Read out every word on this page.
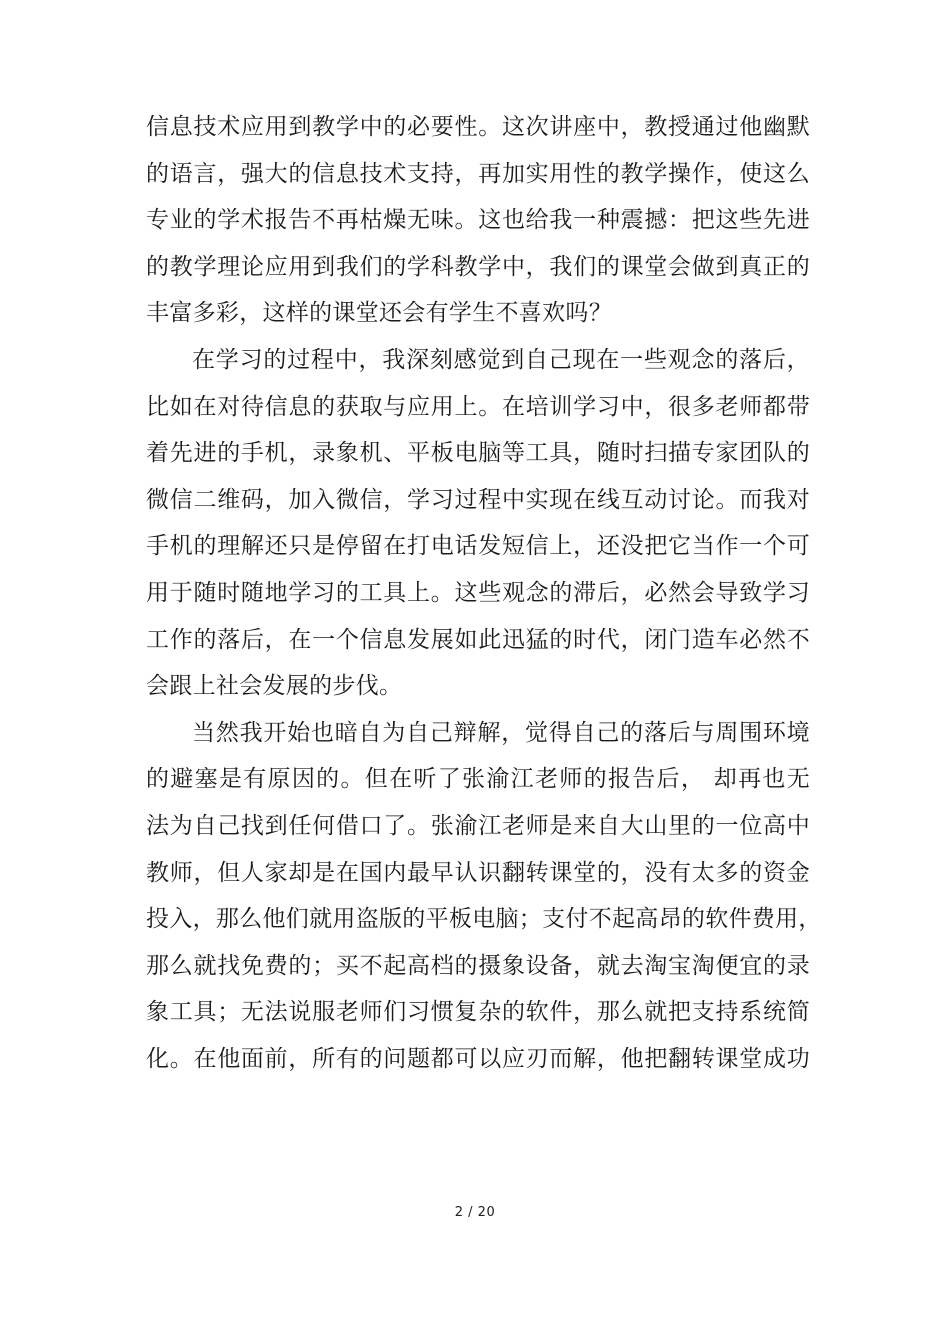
信息技术应用到教学中的必要性。这次讲座中，教授通过他幽默
的语言，强大的信息技术支持，再加实用性的教学操作，使这么
专业的学术报告不再枯燥无味。这也给我一种震撼：把这些先进
的教学理论应用到我们的学科教学中，我们的课堂会做到真正的
丰富多彩，这样的课堂还会有学生不喜欢吗？
在学习的过程中，我深刻感觉到自己现在一些观念的落后，
比如在对待信息的获取与应用上。在培训学习中，很多老师都带
着先进的手机，录象机、平板电脑等工具，随时扫描专家团队的
微信二维码，加入微信，学习过程中实现在线互动讨论。而我对
手机的理解还只是停留在打电话发短信上，还没把它当作一个可
用于随时随地学习的工具上。这些观念的滞后，必然会导致学习
工作的落后，在一个信息发展如此迅猛的时代，闭门造车必然不
会跟上社会发展的步伐。
当然我开始也暗自为自己辩解，觉得自己的落后与周围环境
的避塞是有原因的。但在听了张渝江老师的报告后， 却再也无
法为自己找到任何借口了。张渝江老师是来自大山里的一位高中
教师，但人家却是在国内最早认识翻转课堂的，没有太多的资金
投入，那么他们就用盗版的平板电脑；支付不起高昂的软件费用，
那么就找免费的；买不起高档的摄象设备，就去淘宝淘便宜的录
象工具；无法说服老师们习惯复杂的软件，那么就把支持系统简
化。在他面前，所有的问题都可以应刃而解，他把翻转课堂成功
2 / 20
